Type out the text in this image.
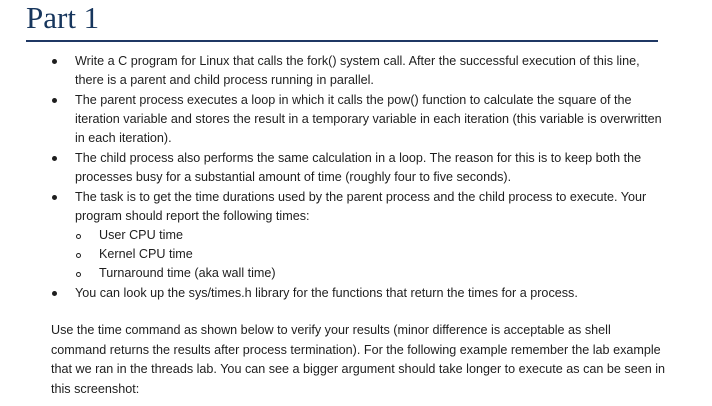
Part 1
Write a C program for Linux that calls the fork() system call. After the successful execution of this line, there is a parent and child process running in parallel.
The parent process executes a loop in which it calls the pow() function to calculate the square of the iteration variable and stores the result in a temporary variable in each iteration (this variable is overwritten in each iteration).
The child process also performs the same calculation in a loop. The reason for this is to keep both the processes busy for a substantial amount of time (roughly four to five seconds).
The task is to get the time durations used by the parent process and the child process to execute. Your program should report the following times:
User CPU time
Kernel CPU time
Turnaround time (aka wall time)
You can look up the sys/times.h library for the functions that return the times for a process.

Use the time command as shown below to verify your results (minor difference is acceptable as shell command returns the results after process termination). For the following example remember the lab example that we ran in the threads lab. You can see a bigger argument should take longer to execute as can be seen in this screenshot:
